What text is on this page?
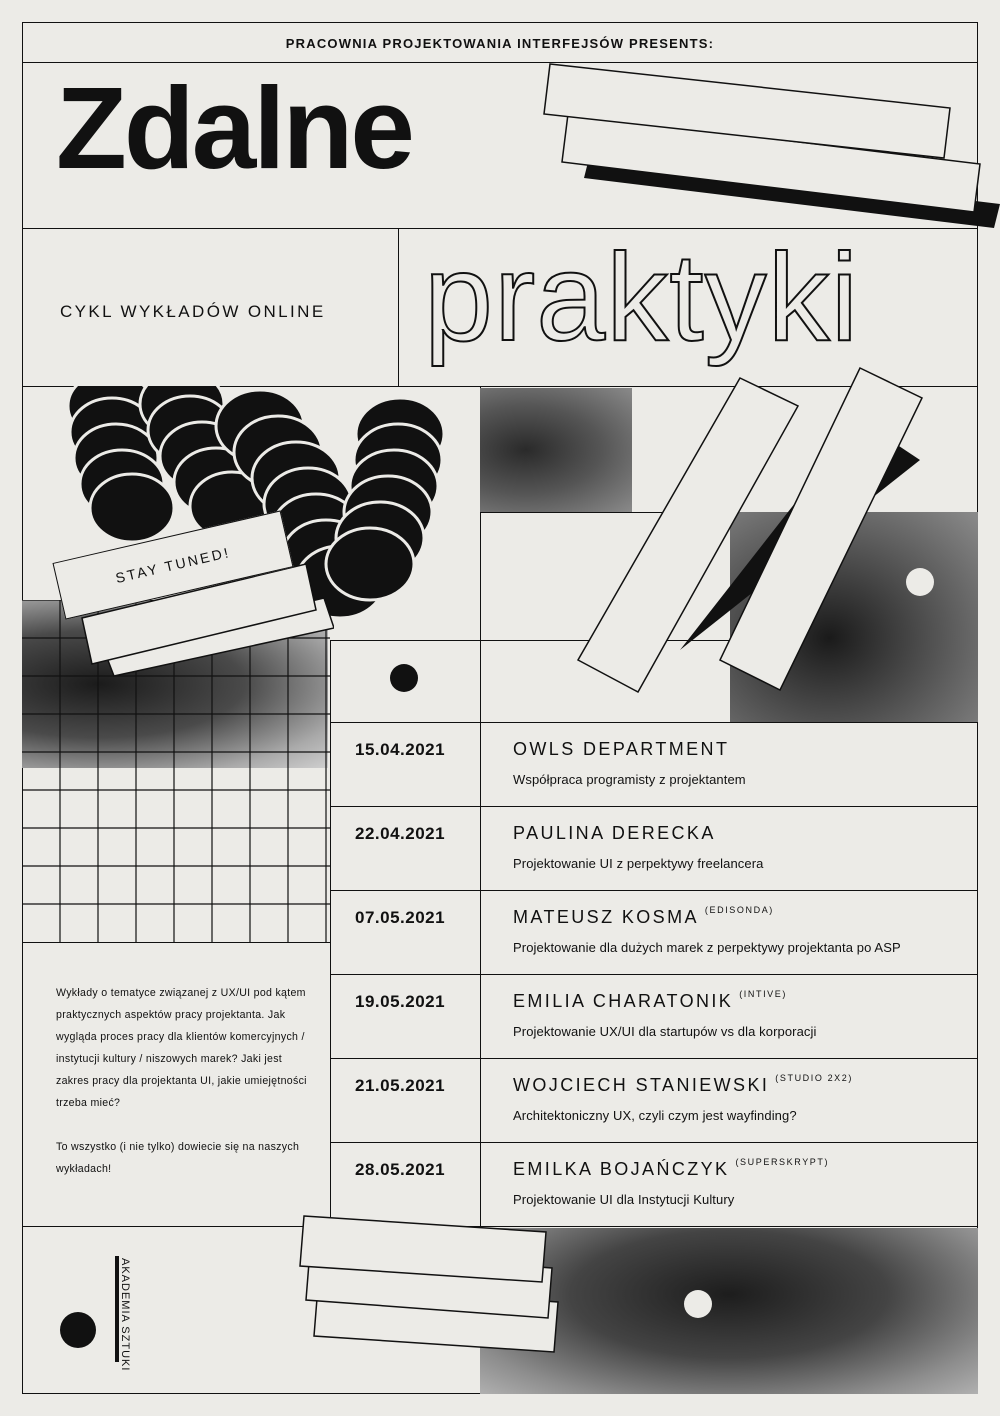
PRACOWNIA PROJEKTOWANIA INTERFEJSÓW PRESENTS:
Zdalne
CYKL WYKŁADÓW ONLINE praktyki
STAY TUNED!
15.04.2021	OWLS DEPARTMENT
Współpraca programisty z projektantem
22.04.2021	PAULINA DERECKA
Projektowanie UI z perpektywy freelancera
07.05.2021	MATEUSZ KOSMA $^{(EDISONDA)}$
Projektowanie dla dużych marek z perpektywy projektanta po ASP
19.05.2021	EMILIA CHARATONIK $^{(INTIVE)}$
Projektowanie UX/UI dla startupów vs dla korporacji
21.05.2021	WOJCIECH STANIEWSKI $^{(STUDIO 2X2)}$
Architektoniczny UX, czyli czym jest wayfinding?
28.05.2021	EMILKA BOJAŃCZYK $^{(SUPERSKRYPT)}$
Projektowanie UI dla Instytucji Kultury

Wykłady o tematyce związanej z UX/UI pod kątem praktycznych aspektów pracy projektanta. Jak wygląda proces pracy dla klientów komercyjnych / instytucji kultury / niszowych marek? Jaki jest zakres pracy dla projektanta UI, jakie umiejętności trzeba mieć?

To wszystko (i nie tylko) dowiecie się na naszych wykładach!

AKADEMIA SZTUKI
